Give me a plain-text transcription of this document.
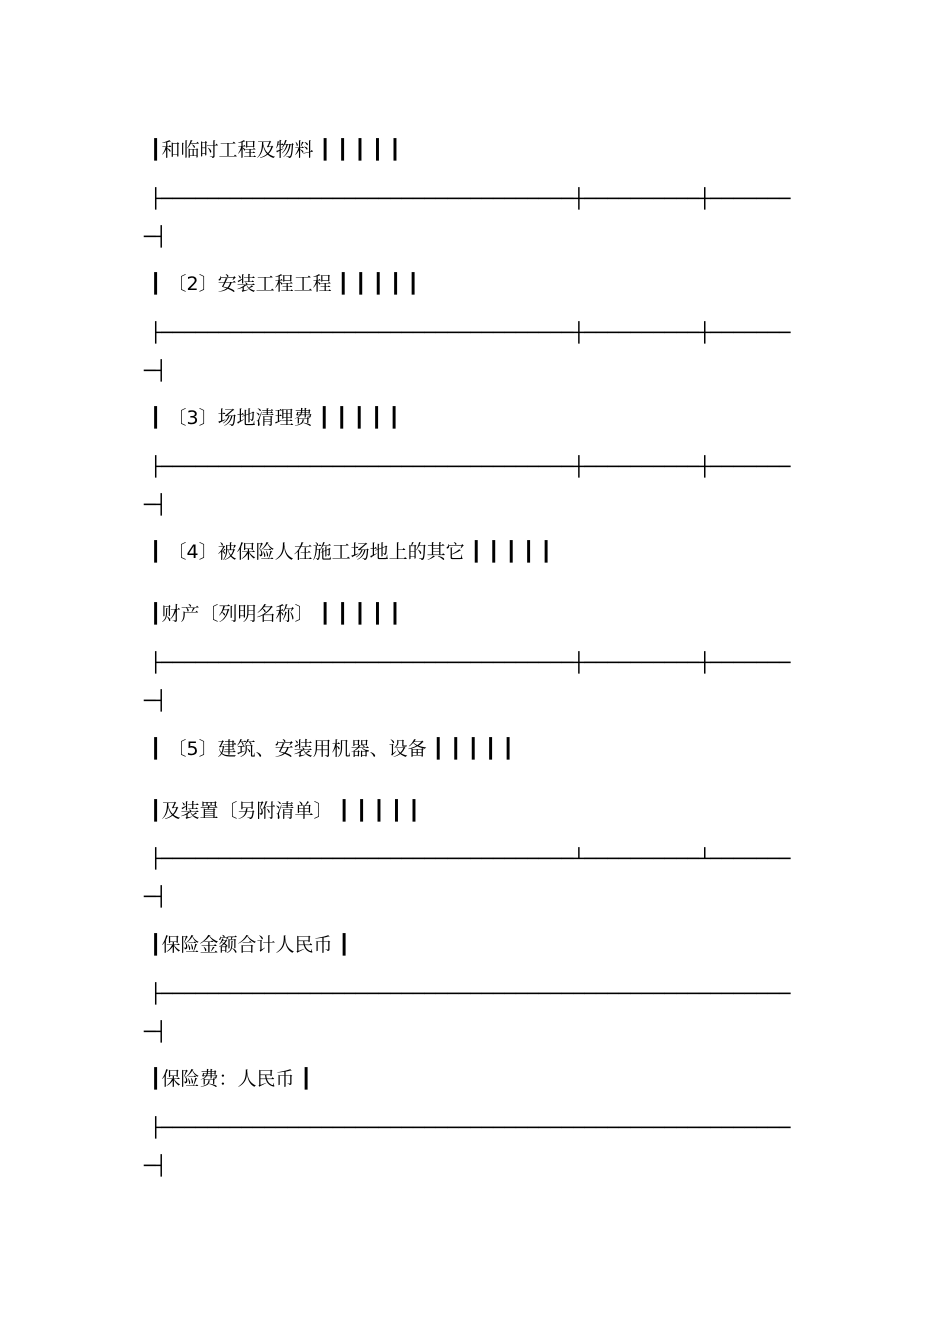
┃和临时工程及物料 ┃ ┃ ┃ ┃ ┃
├────────────────────────────────────┼──────────┼───────
─┤
┃ 〔2〕安装工程工程 ┃ ┃ ┃ ┃ ┃
├────────────────────────────────────┼──────────┼───────
─┤
┃ 〔3〕场地清理费 ┃ ┃ ┃ ┃ ┃
├────────────────────────────────────┼──────────┼───────
─┤
┃ 〔4〕被保险人在施工场地上的其它 ┃ ┃ ┃ ┃ ┃
┃财产〔列明名称〕 ┃ ┃ ┃ ┃ ┃
├────────────────────────────────────┼──────────┼───────
─┤
┃ 〔5〕建筑、安装用机器、设备 ┃ ┃ ┃ ┃ ┃
┃及装置〔另附清单〕 ┃ ┃ ┃ ┃ ┃
├────────────────────────────────────┴──────────┴───────
─┤
┃保险金额合计人民币 ┃
├───────────────────────────────────────────────────────
─┤
┃保险费：人民币 ┃
├───────────────────────────────────────────────────────
─┤
